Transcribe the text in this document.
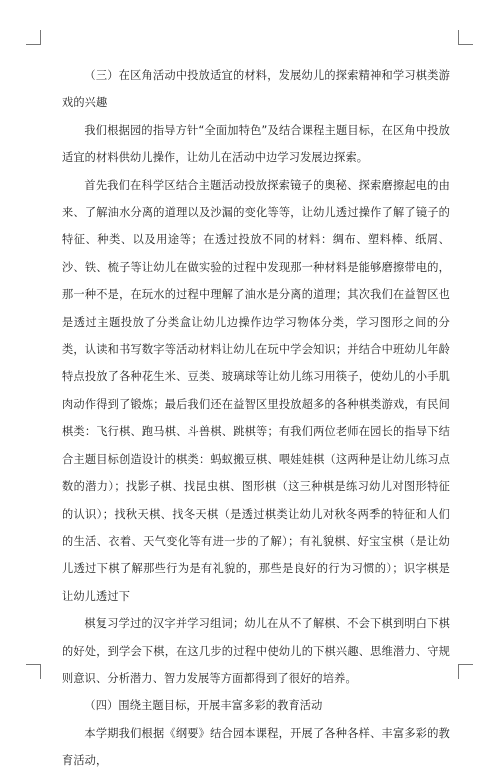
（三）在区角活动中投放适宜的材料，发展幼儿的探索精神和学习棋类游戏的兴趣

我们根据园的指导方针“全面加特色”及结合课程主题目标，在区角中投放适宜的材料供幼儿操作，让幼儿在活动中边学习发展边探索。

首先我们在科学区结合主题活动投放探索镜子的奥秘、探索磨擦起电的由来、了解油水分离的道理以及沙漏的变化等等，让幼儿透过操作了解了镜子的特征、种类、以及用途等；在透过投放不同的材料：绸布、塑料棒、纸屑、沙、铁、梳子等让幼儿在做实验的过程中发现那一种材料是能够磨擦带电的，那一种不是，在玩水的过程中理解了油水是分离的道理；其次我们在益智区也是透过主题投放了分类盒让幼儿边操作边学习物体分类，学习图形之间的分类，认读和书写数字等活动材料让幼儿在玩中学会知识；并结合中班幼儿年龄特点投放了各种花生米、豆类、玻璃球等让幼儿练习用筷子，使幼儿的小手肌肉动作得到了锻炼；最后我们还在益智区里投放超多的各种棋类游戏，有民间棋类：飞行棋、跑马棋、斗兽棋、跳棋等；有我们两位老师在园长的指导下结合主题目标创造设计的棋类：蚂蚁搬豆棋、喂娃娃棋（这两种是让幼儿练习点数的潜力）；找影子棋、找昆虫棋、图形棋（这三种棋是练习幼儿对图形特征的认识）；找秋天棋、找冬天棋（是透过棋类让幼儿对秋冬两季的特征和人们的生活、衣着、天气变化等有进一步的了解）；有礼貌棋、好宝宝棋（是让幼儿透过下棋了解那些行为是有礼貌的，那些是良好的行为习惯的）；识字棋是让幼儿透过下

棋复习学过的汉字并学习组词；幼儿在从不了解棋、不会下棋到明白下棋的好处，到学会下棋，在这几步的过程中使幼儿的下棋兴趣、思维潜力、守规则意识、分析潜力、智力发展等方面都得到了很好的培养。

（四）围绕主题目标，开展丰富多彩的教育活动

本学期我们根据《纲要》结合园本课程，开展了各种各样、丰富多彩的教育活动，
